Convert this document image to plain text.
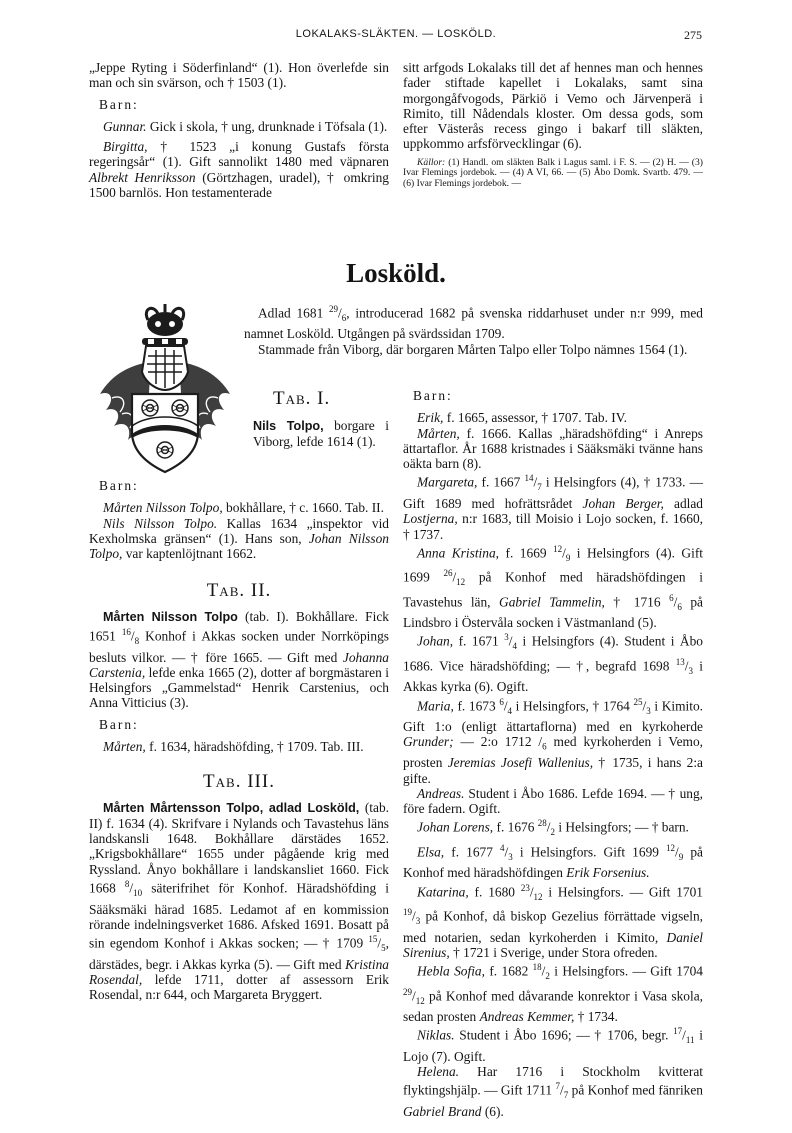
LOKALAKS-SLÄKTEN. — LOSKÖLD.	275

„Jeppe Ryting i Söderfinland“ (1). Hon överlefde sin man och sin svärson, och † 1503 (1).

Barn:

Gunnar. Gick i skola, † ung, drunknade i Töfsala (1).

Birgitta, † 1523 „i konung Gustafs första regeringsår“ (1). Gift sannolikt 1480 med väpnaren Albrekt Henriksson (Görtzhagen, uradel), † omkring 1500 barnlös. Hon testamenterade

sitt arfgods Lokalaks till det af hennes man och hennes fader stiftade kapellet i Lokalaks, samt sina morgongåfvogods, Pärkiö i Vemo och Järvenperä i Rimito, till Nådendals kloster. Om dessa gods, som efter Västerås recess gingo i bakarf till släkten, uppkommo arfsförvecklingar (6).

Källor: (1) Handl. om släkten Balk i Lagus saml. i F. S. — (2) H. — (3) Ivar Flemings jordebok. — (4) A VI, 66. — (5) Åbo Domk. Svartb. 479. — (6) Ivar Flemings jordebok. —

Losköld.

Adlad 1681 $^{29}/_6$, introducerad 1682 på svenska riddarhuset under n:r 999, med namnet Losköld. Utgången på svärdssidan 1709.

Stammade från Viborg, där borgaren Mårten Talpo eller Tolpo nämnes 1564 (1).

Tab. I.

Nils Tolpo, borgare i Viborg, lefde 1614 (1).

Barn:

Mårten Nilsson Tolpo, bokhållare, † c. 1660. Tab. II.

Nils Nilsson Tolpo. Kallas 1634 „inspektor vid Kexholmska gränsen“ (1). Hans son, Johan Nilsson Tolpo, var kaptenlöjtnant 1662.

Tab. II.

Mårten Nilsson Tolpo (tab. I). Bokhållare. Fick 1651 $^{16}/_8$ Konhof i Akkas socken under Norrköpings besluts vilkor. — † före 1665. — Gift med Johanna Carstenia, lefde enka 1665 (2), dotter af borgmästaren i Helsingfors „Gammelstad“ Henrik Carstenius, och Anna Vitticius (3).

Barn:

Mårten, f. 1634, häradshöfding, † 1709. Tab. III.

Tab. III.

Mårten Mårtensson Tolpo, adlad Losköld, (tab. II) f. 1634 (4). Skrifvare i Nylands och Tavastehus läns landskansli 1648. Bokhållare därstädes 1652. „Krigsbokhållare“ 1655 under pågående krig med Ryssland. Ånyo bokhållare i landskansliet 1660. Fick 1668 $^8/_{10}$ säterifrihet för Konhof. Häradshöfding i Sääksmäki härad 1685. Ledamot af en kommission rörande indelningsverket 1686. Afsked 1691. Bosatt på sin egendom Konhof i Akkas socken; — † 1709 $^{15}/_5$, därstädes, begr. i Akkas kyrka (5). — Gift med Kristina Rosendal, lefde 1711, dotter af assessorn Erik Rosendal, n:r 644, och Margareta Bryggert.

Barn:

Erik, f. 1665, assessor, † 1707. Tab. IV.

Mårten, f. 1666. Kallas „häradshöfding“ i Anreps ättartaflor. År 1688 kristnades i Sääksmäki tvänne hans oäkta barn (8).

Margareta, f. 1667 $^{14}/_7$ i Helsingfors (4), † 1733. — Gift 1689 med hofrättsrådet Johan Berger, adlad Lostjerna, n:r 1683, till Moisio i Lojo socken, f. 1660, † 1737.

Anna Kristina, f. 1669 $^{12}/_9$ i Helsingfors (4). Gift 1699 $^{26}/_{12}$ på Konhof med häradshöfdingen i Tavastehus län, Gabriel Tammelin, † 1716 $^6/_6$ på Lindsbro i Östervåla socken i Västmanland (5).

Johan, f. 1671 $^3/_4$ i Helsingfors (4). Student i Åbo 1686. Vice häradshöfding; — †, begrafd 1698 $^{13}/_3$ i Akkas kyrka (6). Ogift.

Maria, f. 1673 $^6/_4$ i Helsingfors, † 1764 $^{25}/_3$ i Kimito. Gift 1:o (enligt ättartaflorna) med en kyrkoherde Grunder; — 2:o 1712 $/_6$ med kyrkoherden i Vemo, prosten Jeremias Josefi Wallenius, † 1735, i hans 2:a gifte.

Andreas. Student i Åbo 1686. Lefde 1694. — † ung, före fadern. Ogift.

Johan Lorens, f. 1676 $^{28}/_2$ i Helsingfors; — † barn.

Elsa, f. 1677 $^4/_3$ i Helsingfors. Gift 1699 $^{12}/_9$ på Konhof med häradshöfdingen Erik Forsenius.

Katarina, f. 1680 $^{23}/_{12}$ i Helsingfors. — Gift 1701 $^{19}/_3$ på Konhof, då biskop Gezelius förrättade vigseln, med notarien, sedan kyrkoherden i Kimito, Daniel Sirenius, † 1721 i Sverige, under Stora ofreden.

Hebla Sofia, f. 1682 $^{18}/_2$ i Helsingfors. — Gift 1704 $^{29}/_{12}$ på Konhof med dåvarande konrektor i Vasa skola, sedan prosten Andreas Kemmer, † 1734.

Niklas. Student i Åbo 1696; — † 1706, begr. $^{17}/_{11}$ i Lojo (7). Ogift.

Helena. Har 1716 i Stockholm kvitterat flyktingshjälp. — Gift 1711 $^7/_7$ på Konhof med fänriken Gabriel Brand (6).
